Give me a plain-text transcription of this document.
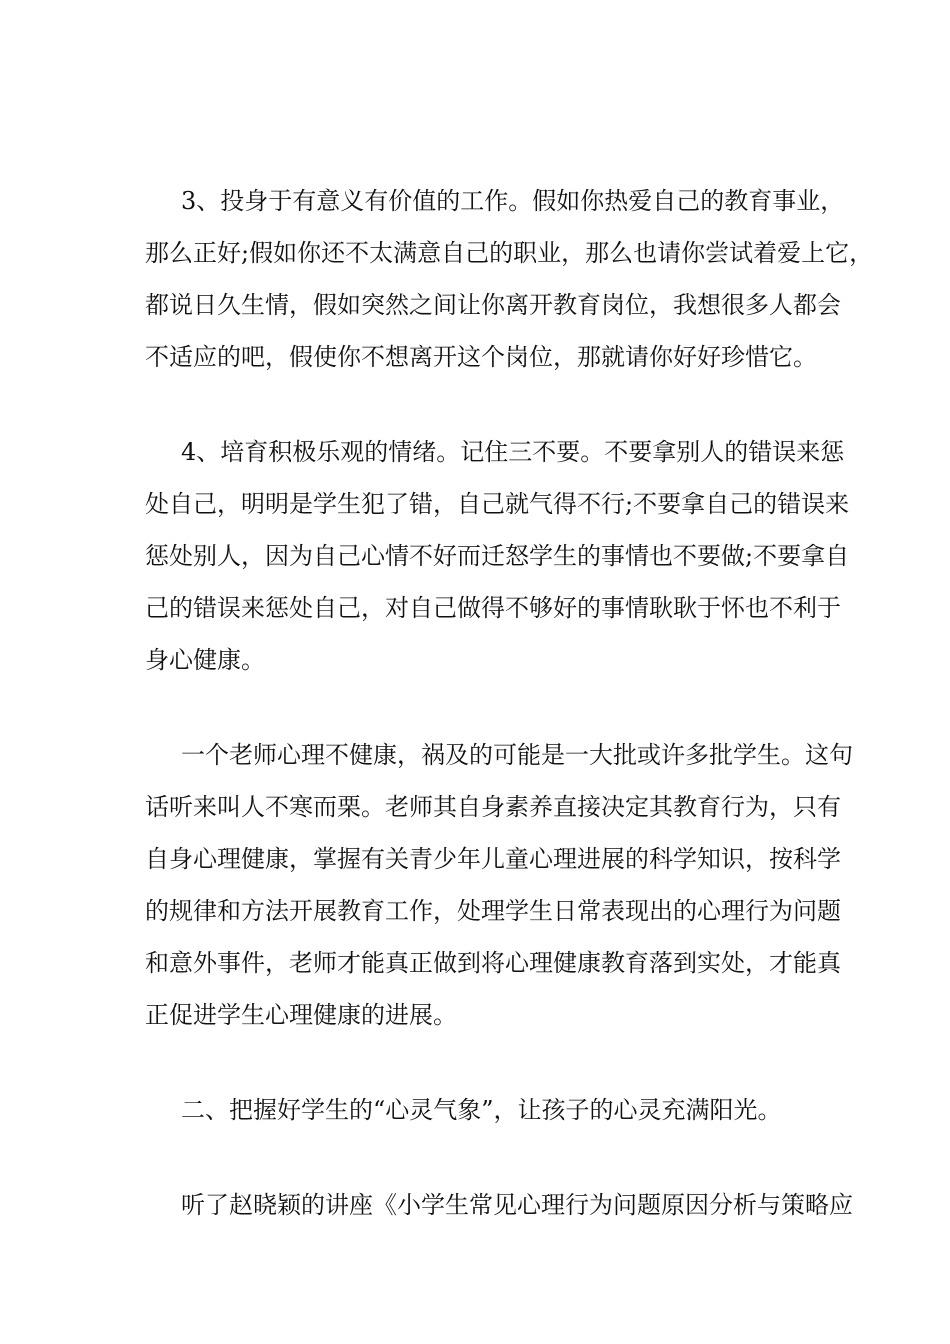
3、投身于有意义有价值的工作。假如你热爱自己的教育事业，
那么正好;假如你还不太满意自己的职业，那么也请你尝试着爱上它，
都说日久生情，假如突然之间让你离开教育岗位，我想很多人都会
不适应的吧，假使你不想离开这个岗位，那就请你好好珍惜它。
4、培育积极乐观的情绪。记住三不要。不要拿别人的错误来惩
处自己，明明是学生犯了错，自己就气得不行;不要拿自己的错误来
惩处别人，因为自己心情不好而迁怒学生的事情也不要做;不要拿自
己的错误来惩处自己，对自己做得不够好的事情耿耿于怀也不利于
身心健康。
一个老师心理不健康，祸及的可能是一大批或许多批学生。这句
话听来叫人不寒而栗。老师其自身素养直接决定其教育行为，只有
自身心理健康，掌握有关青少年儿童心理进展的科学知识，按科学
的规律和方法开展教育工作，处理学生日常表现出的心理行为问题
和意外事件，老师才能真正做到将心理健康教育落到实处，才能真
正促进学生心理健康的进展。
二、把握好学生的“心灵气象”，让孩子的心灵充满阳光。
听了赵晓颖的讲座《小学生常见心理行为问题原因分析与策略应
